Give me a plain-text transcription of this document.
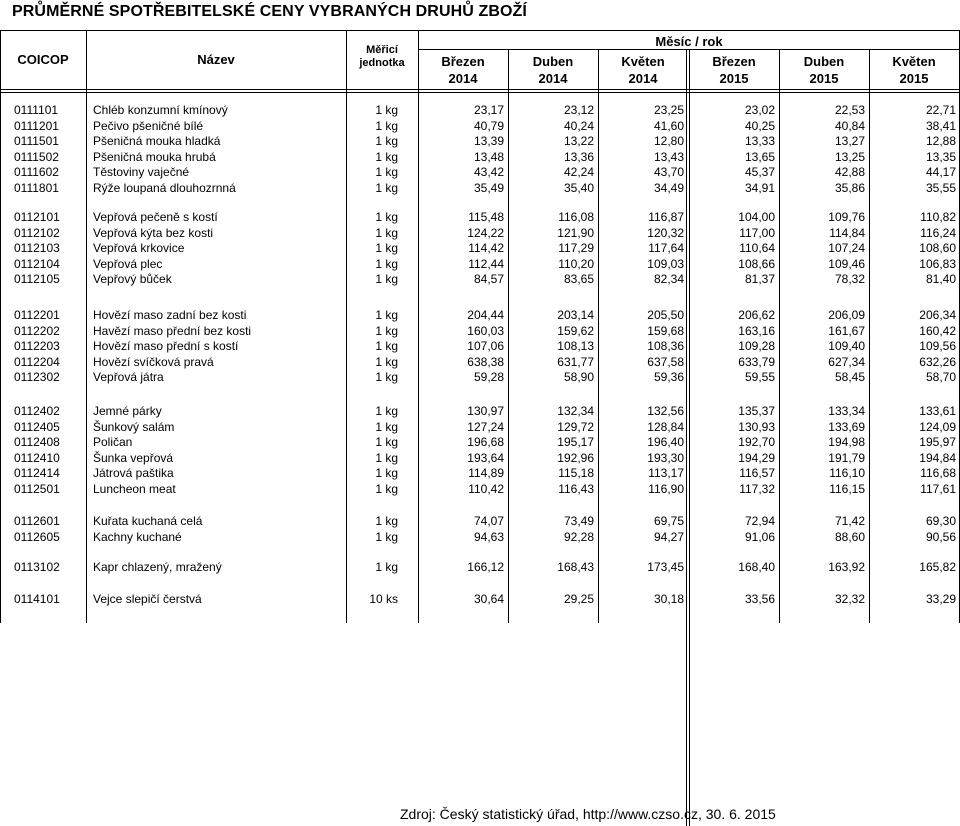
PRŮMĚRNÉ SPOTŘEBITELSKÉ CENY VYBRANÝCH DRUHŮ ZBOŽÍ
COICOP	Název
Měřicí
jednotka
Měsíc / rok
Březen	Duben	Květen	Březen	Duben	Květen
2014	2014	2014	2015	2015	2015
0111101	Chléb konzumní kmínový	1 kg	23,17	23,12	23,25	23,02	22,53	22,71
0111201	Pečivo pšeničné bílé	1 kg	40,79	40,24	41,60	40,25	40,84	38,41
0111501	Pšeničná mouka hladká	1 kg	13,39	13,22	12,80	13,33	13,27	12,88
0111502	Pšeničná mouka hrubá	1 kg	13,48	13,36	13,43	13,65	13,25	13,35
0111602	Těstoviny vaječné	1 kg	43,42	42,24	43,70	45,37	42,88	44,17
0111801	Rýže loupaná dlouhozrnná	1 kg	35,49	35,40	34,49	34,91	35,86	35,55
0112101	Vepřová pečeně s kostí	1 kg	115,48	116,08	116,87	104,00	109,76	110,82
0112102	Vepřová kýta bez kosti	1 kg	124,22	121,90	120,32	117,00	114,84	116,24
0112103	Vepřová krkovice	1 kg	114,42	117,29	117,64	110,64	107,24	108,60
0112104	Vepřová plec	1 kg	112,44	110,20	109,03	108,66	109,46	106,83
0112105	Vepřový bůček	1 kg	84,57	83,65	82,34	81,37	78,32	81,40
0112201	Hovězí maso zadní bez kosti	1 kg	204,44	203,14	205,50	206,62	206,09	206,34
0112202	Havězí maso přední bez kosti	1 kg	160,03	159,62	159,68	163,16	161,67	160,42
0112203	Hovězí maso přední s kostí	1 kg	107,06	108,13	108,36	109,28	109,40	109,56
0112204	Hovězí svíčková pravá	1 kg	638,38	631,77	637,58	633,79	627,34	632,26
0112302	Vepřová játra	1 kg	59,28	58,90	59,36	59,55	58,45	58,70
0112402	Jemné párky	1 kg	130,97	132,34	132,56	135,37	133,34	133,61
0112405	Šunkový salám	1 kg	127,24	129,72	128,84	130,93	133,69	124,09
0112408	Poličan	1 kg	196,68	195,17	196,40	192,70	194,98	195,97
0112410	Šunka vepřová	1 kg	193,64	192,96	193,30	194,29	191,79	194,84
0112414	Játrová paštika	1 kg	114,89	115,18	113,17	116,57	116,10	116,68
0112501	Luncheon meat	1 kg	110,42	116,43	116,90	117,32	116,15	117,61
0112601	Kuřata kuchaná celá	1 kg	74,07	73,49	69,75	72,94	71,42	69,30
0112605	Kachny kuchané	1 kg	94,63	92,28	94,27	91,06	88,60	90,56
0113102	Kapr chlazený, mražený	1 kg	166,12	168,43	173,45	168,40	163,92	165,82
0114101	Vejce slepičí čerstvá	10 ks	30,64	29,25	30,18	33,56	32,32	33,29
Zdroj: Český statistický úřad, http://www.czso.cz, 30. 6. 2015
